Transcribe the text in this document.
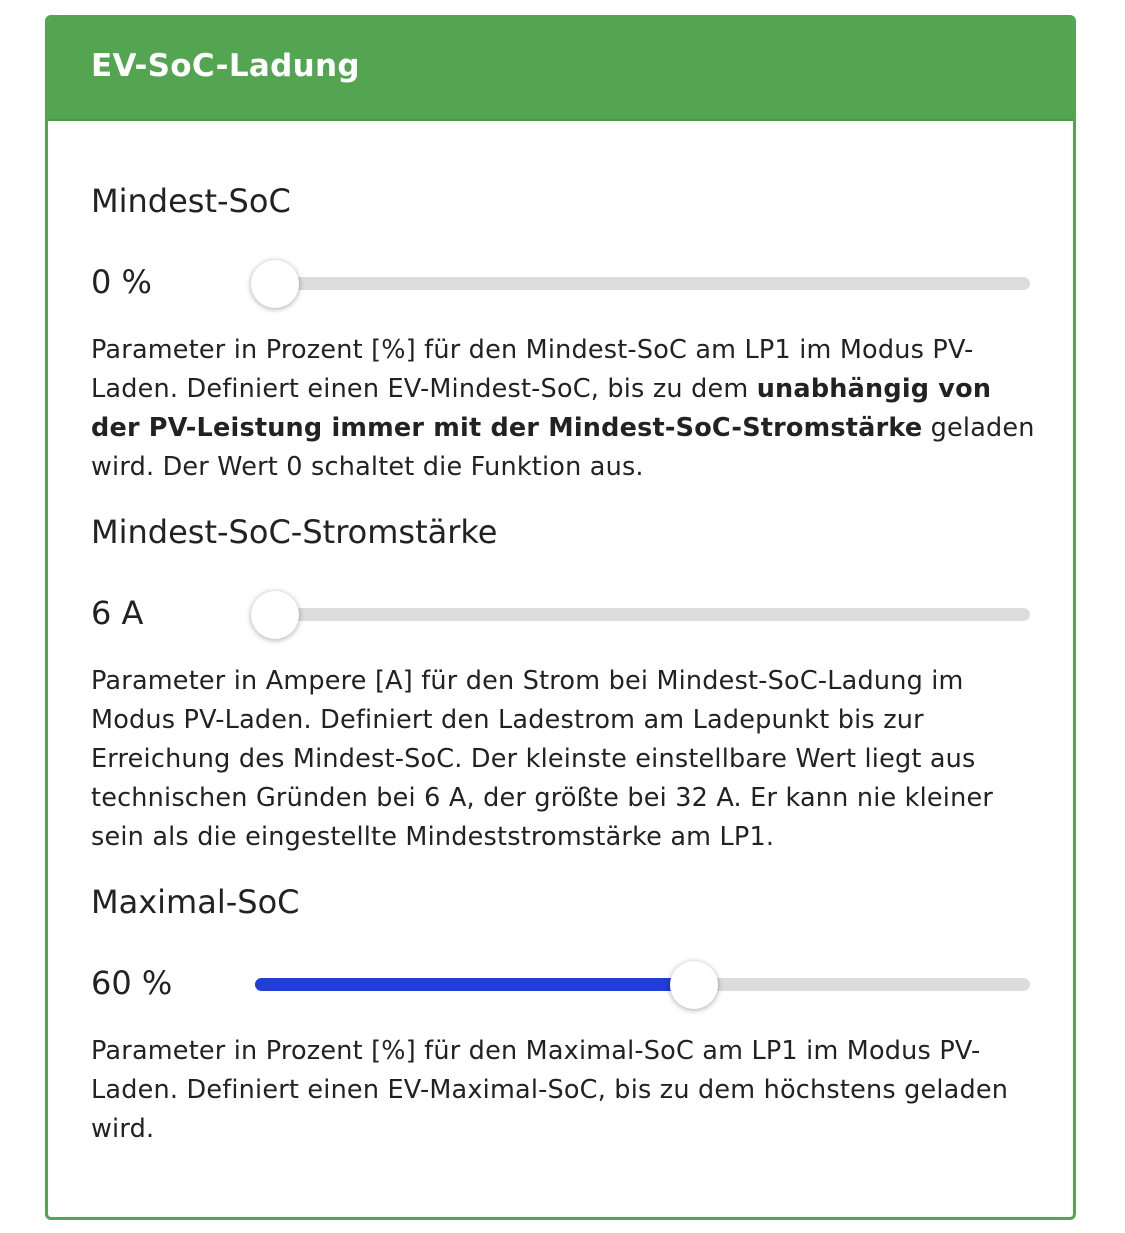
EV-SoC-Ladung
Mindest-SoC
0 %
Parameter in Prozent [%] für den Mindest-SoC am LP1 im Modus PV-Laden. Definiert einen EV-Mindest-SoC, bis zu dem unabhängig von der PV-Leistung immer mit der Mindest-SoC-Stromstärke geladen wird. Der Wert 0 schaltet die Funktion aus.
Mindest-SoC-Stromstärke
6 A
Parameter in Ampere [A] für den Strom bei Mindest-SoC-Ladung im Modus PV-Laden. Definiert den Ladestrom am Ladepunkt bis zur Erreichung des Mindest-SoC. Der kleinste einstellbare Wert liegt aus technischen Gründen bei 6 A, der größte bei 32 A. Er kann nie kleiner sein als die eingestellte Mindeststromstärke am LP1.
Maximal-SoC
60 %
Parameter in Prozent [%] für den Maximal-SoC am LP1 im Modus PV-Laden. Definiert einen EV-Maximal-SoC, bis zu dem höchstens geladen wird.
